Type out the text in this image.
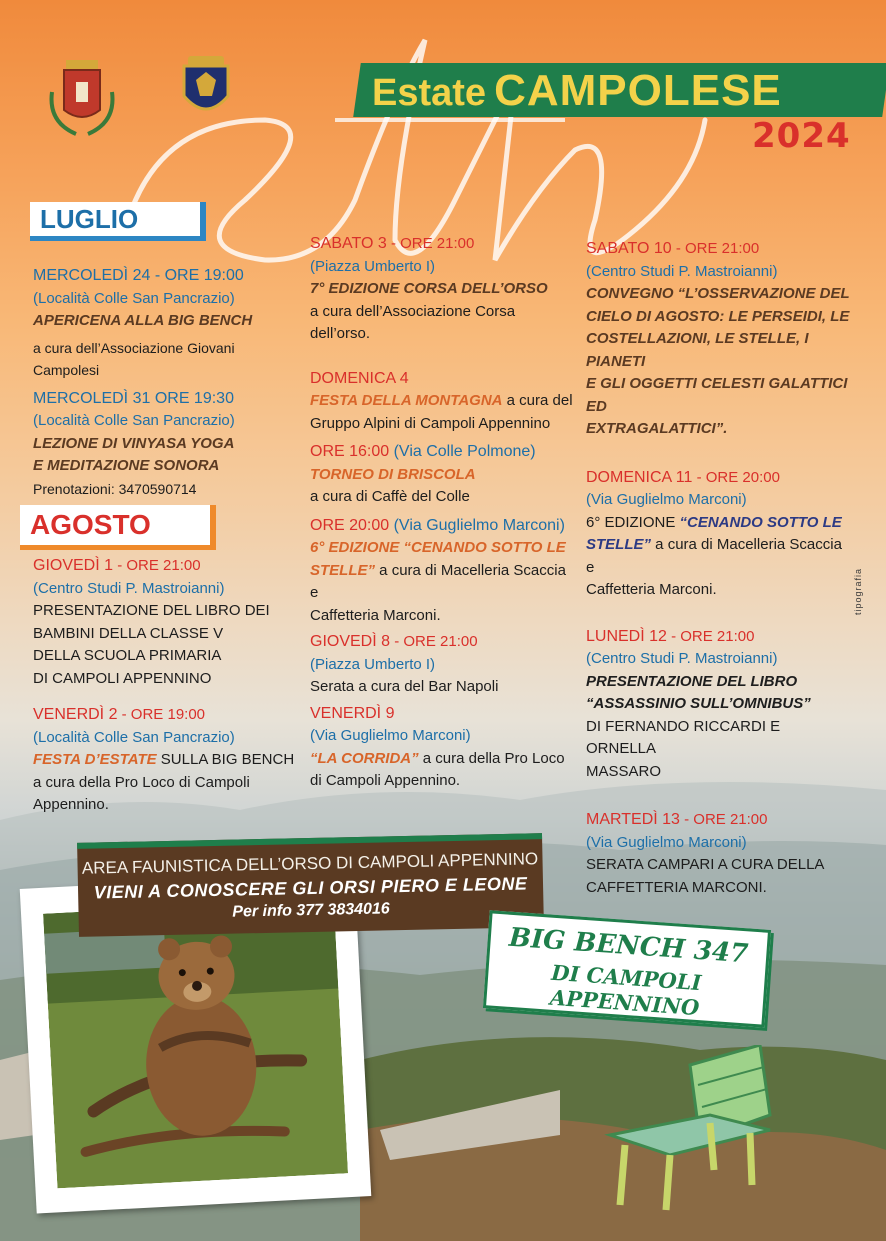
Estate CAMPOLESE
2024
LUGLIO
AGOSTO

MERCOLEDÌ 24 - ORE 19:00

(Località Colle San Pancrazio)

APERICENA ALLA BIG BENCH

a cura dell’Associazione Giovani Campolesi

MERCOLEDÌ 31 ORE 19:30

(Località Colle San Pancrazio)

LEZIONE DI VINYASA YOGA

E MEDITAZIONE SONORA

Prenotazioni: 3470590714

GIOVEDÌ 1 - ORE 21:00

(Centro Studi P. Mastroianni)

PRESENTAZIONE DEL LIBRO DEI

BAMBINI DELLA CLASSE V

DELLA SCUOLA PRIMARIA

DI CAMPOLI APPENNINO

VENERDÌ 2 - ORE 19:00

(Località Colle San Pancrazio)

FESTA D’ESTATE SULLA BIG BENCH

a cura della Pro Loco di Campoli

Appennino.

SABATO 3 - ORE 21:00

(Piazza Umberto I)

7° EDIZIONE CORSA DELL’ORSO

a cura dell’Associazione Corsa

dell’orso.

DOMENICA 4

FESTA DELLA MONTAGNA a cura del

Gruppo Alpini di Campoli Appennino

ORE 16:00 (Via Colle Polmone)

TORNEO DI BRISCOLA

a cura di Caffè del Colle

ORE 20:00 (Via Guglielmo Marconi)

6° EDIZIONE “CENANDO SOTTO LE

STELLE” a cura di Macelleria Scaccia e

Caffetteria Marconi.

GIOVEDÌ 8 - ORE 21:00

(Piazza Umberto I)

Serata a cura del Bar Napoli

VENERDÌ 9

(Via Guglielmo Marconi)

“LA CORRIDA” a cura della Pro Loco

di Campoli Appennino.

SABATO 10 - ORE 21:00

(Centro Studi P. Mastroianni)

CONVEGNO “L’OSSERVAZIONE DEL

CIELO DI AGOSTO: LE PERSEIDI, LE

COSTELLAZIONI, LE STELLE, I PIANETI

E GLI OGGETTI CELESTI GALATTICI ED

EXTRAGALATTICI”.

DOMENICA 11 - ORE 20:00

(Via Guglielmo Marconi)

6° EDIZIONE “CENANDO SOTTO LE

STELLE” a cura di Macelleria Scaccia e

Caffetteria Marconi.

LUNEDÌ 12 - ORE 21:00

(Centro Studi P. Mastroianni)

PRESENTAZIONE DEL LIBRO

“ASSASSINIO SULL’OMNIBUS”

DI FERNANDO RICCARDI E ORNELLA

MASSARO

MARTEDÌ 13 - ORE 21:00

(Via Guglielmo Marconi)

SERATA CAMPARI A CURA DELLA

CAFFETTERIA MARCONI.

tipografia
AREA FAUNISTICA DELL’ORSO DI CAMPOLI APPENNINO
VIENI A CONOSCERE GLI ORSI PIERO E LEONE
Per info 377 3834016
BIG BENCH 347
DI CAMPOLI APPENNINO
